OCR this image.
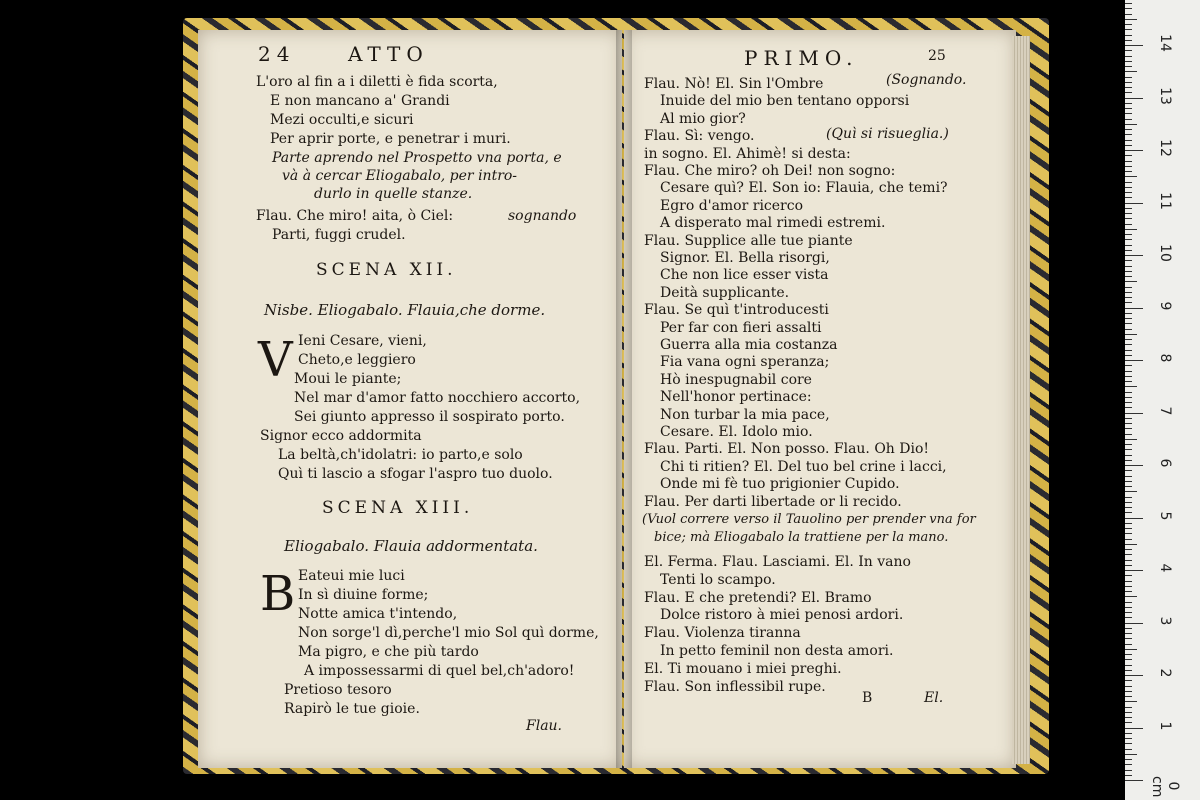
24	ATTO
L'oro al fin a i diletti è fida scorta,
E non mancano a' Grandi
Mezi occulti,e sicuri
Per aprir porte, e penetrar i muri.
Parte aprendo nel Prospetto vna porta, e
và à cercar Eliogabalo, per intro-
durlo in quelle stanze.
Flau. Che miro! aita, ò Ciel:	sognando
Parti, fuggi crudel.
SCENA XII.
Nisbe. Eliogabalo. Flauia,che dorme.
V Ieni Cesare, vieni,
Cheto,e leggiero
Moui le piante;
Nel mar d'amor fatto nocchiero accorto,
Sei giunto appresso il sospirato porto.
Signor ecco addormita
La beltà,ch'idolatri: io parto,e solo
Quì ti lascio a sfogar l'aspro tuo duolo.
SCENA XIII.
Eliogabalo. Flauia addormentata.
B Eateui mie luci
In sì diuine forme;
Notte amica t'intendo,
Non sorge'l dì,perche'l mio Sol quì dorme,
Ma pigro, e che più tardo
A impossessarmi di quel bel,ch'adoro!
Pretioso tesoro
Rapirò le tue gioie.
Flau.
PRIMO.	25
Flau. Nò! El. Sin l'Ombre
Inuide del mio ben tentano opporsi
Al mio gior?
Flau. Sì: vengo.
in sogno. El. Ahimè! si desta:
Flau. Che miro? oh Dei! non sogno:
Cesare quì? El. Son io: Flauia, che temi?
Egro d'amor ricerco
A disperato mal rimedi estremi.
Flau. Supplice alle tue piante
Signor. El. Bella risorgi,
Che non lice esser vista
Deità supplicante.
Flau. Se quì t'introducesti
Per far con fieri assalti
Guerra alla mia costanza
Fia vana ogni speranza;
Hò inespugnabil core
Nell'honor pertinace:
Non turbar la mia pace,
Cesare. El. Idolo mio.
Flau. Parti. El. Non posso. Flau. Oh Dio!
Chi ti ritien? El. Del tuo bel crine i lacci,
Onde mi fè tuo prigionier Cupido.
Flau. Per darti libertade or li recido.
(Sognando.
(Quì si risueglia.)
(Vuol correre verso il Tauolino per prender vna for
bice; mà Eliogabalo la trattiene per la mano.
El. Ferma. Flau. Lasciami. El. In vano
Tenti lo scampo.
Flau. E che pretendi? El. Bramo
Dolce ristoro à miei penosi ardori.
Flau. Violenza tiranna
In petto feminil non desta amori.
El. Ti mouano i miei preghi.
Flau. Son inflessibil rupe.
B	El.
0 cm
1
2
3
4
5
6
7
8
9
10
11
12
13
14
